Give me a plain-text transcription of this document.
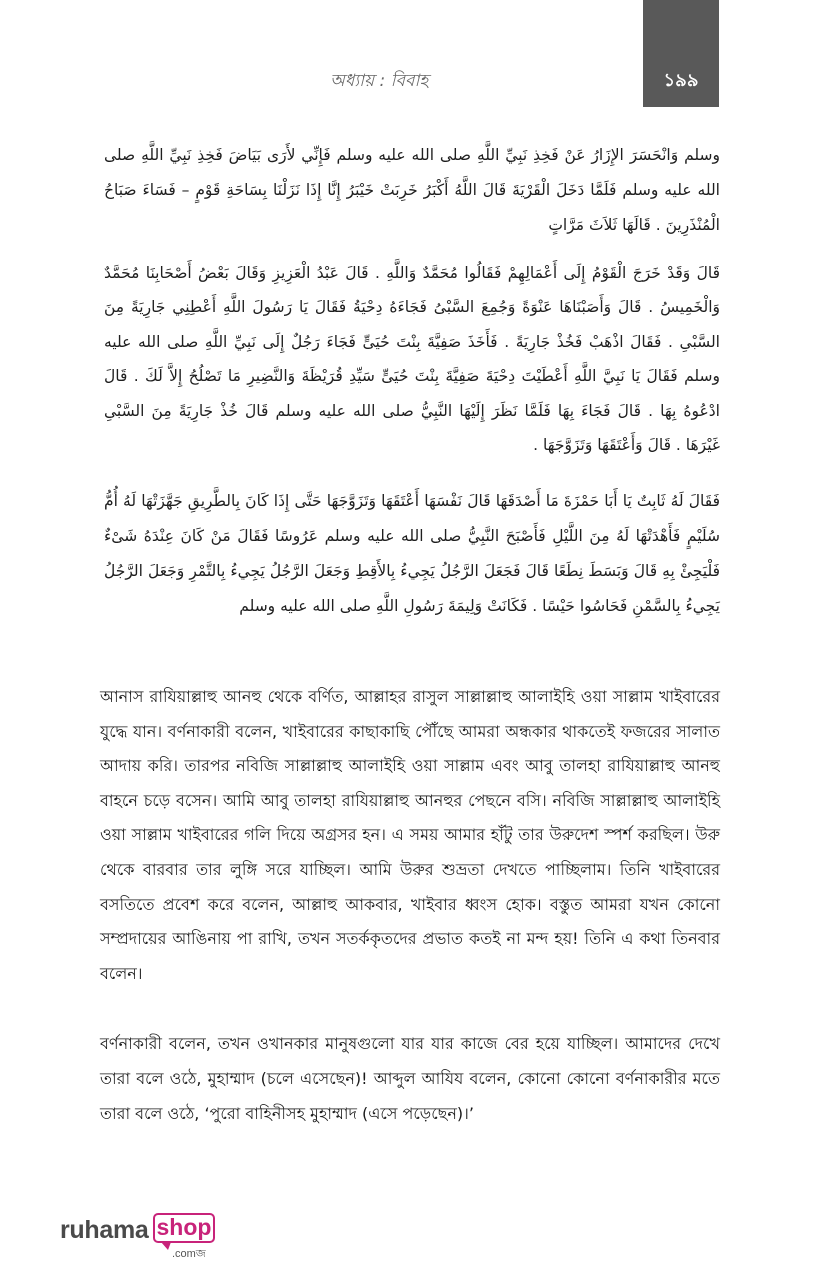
অধ্যায় : বিবাহ	১৯৯
وسلم وَانْحَسَرَ الإِزَارُ عَنْ فَخِذِ نَبِيِّ اللَّهِ صلى الله عليه وسلم فَإِنِّي لأَرَى بَيَاضَ فَخِذِ نَبِيِّ اللَّهِ صلى الله عليه وسلم فَلَمَّا دَخَلَ الْقَرْيَةَ قَالَ اللَّهُ أَكْبَرُ خَرِبَتْ خَيْبَرُ إِنَّا إِذَا نَزَلْنَا بِسَاحَةِ قَوْمٍ – فَسَاءَ صَبَاحُ الْمُنْذَرِينَ . قَالَهَا ثَلاَثَ مَرَّاتٍ
قَالَ وَقَدْ خَرَجَ الْقَوْمُ إِلَى أَعْمَالِهِمْ فَقَالُوا مُحَمَّدٌ وَاللَّهِ . قَالَ عَبْدُ الْعَزِيزِ وَقَالَ بَعْضُ أَصْحَابِنَا مُحَمَّدٌ وَالْخَمِيسُ . قَالَ وَأَصَبْنَاهَا عَنْوَةً وَجُمِعَ السَّبْىُ فَجَاءَهُ دِحْيَةُ فَقَالَ يَا رَسُولَ اللَّهِ أَعْطِنِي جَارِيَةً مِنَ السَّبْىِ . فَقَالَ اذْهَبْ فَخُذْ جَارِيَةً . فَأَخَذَ صَفِيَّةَ بِنْتَ حُيَىٍّ فَجَاءَ رَجُلٌ إِلَى نَبِيِّ اللَّهِ صلى الله عليه وسلم فَقَالَ يَا نَبِيَّ اللَّهِ أَعْطَيْتَ دِحْيَةَ صَفِيَّةَ بِنْتَ حُيَىٍّ سَيِّدِ قُرَيْظَةَ وَالنَّضِيرِ مَا تَصْلُحُ إِلاَّ لَكَ . قَالَ ادْعُوهُ بِهَا . قَالَ فَجَاءَ بِهَا فَلَمَّا نَظَرَ إِلَيْهَا النَّبِيُّ صلى الله عليه وسلم قَالَ خُذْ جَارِيَةً مِنَ السَّبْىِ غَيْرَهَا . قَالَ وَأَعْتَقَهَا وَتَزَوَّجَهَا .
فَقَالَ لَهُ ثَابِتٌ يَا أَبَا حَمْزَةَ مَا أَصْدَقَهَا قَالَ نَفْسَهَا أَعْتَقَهَا وَتَزَوَّجَهَا حَتَّى إِذَا كَانَ بِالطَّرِيقِ جَهَّزَتْهَا لَهُ أُمُّ سُلَيْمٍ فَأَهْدَتْهَا لَهُ مِنَ اللَّيْلِ فَأَصْبَحَ النَّبِيُّ صلى الله عليه وسلم عَرُوسًا فَقَالَ مَنْ كَانَ عِنْدَهُ شَىْءٌ فَلْيَجِئْ بِهِ قَالَ وَبَسَطَ نِطَعًا قَالَ فَجَعَلَ الرَّجُلُ يَجِيءُ بِالأَقِطِ وَجَعَلَ الرَّجُلُ يَجِيءُ بِالتَّمْرِ وَجَعَلَ الرَّجُلُ يَجِيءُ بِالسَّمْنِ فَحَاسُوا حَيْسًا . فَكَانَتْ وَلِيمَةَ رَسُولِ اللَّهِ صلى الله عليه وسلم
আনাস রাযিয়াল্লাহু আনহু থেকে বর্ণিত, আল্লাহর রাসুল সাল্লাল্লাহু আলাইহি ওয়া সাল্লাম খাইবারের যুদ্ধে যান। বর্ণনাকারী বলেন, খাইবারের কাছাকাছি পৌঁছে আমরা অন্ধকার থাকতেই ফজরের সালাত আদায় করি। তারপর নবিজি সাল্লাল্লাহু আলাইহি ওয়া সাল্লাম এবং আবু তালহা রাযিয়াল্লাহু আনহু বাহনে চড়ে বসেন। আমি আবু তালহা রাযিয়াল্লাহু আনহুর পেছনে বসি। নবিজি সাল্লাল্লাহু আলাইহি ওয়া সাল্লাম খাইবারের গলি দিয়ে অগ্রসর হন। এ সময় আমার হাঁটু তার উরুদেশ স্পর্শ করছিল। উরু থেকে বারবার তার লুঙ্গি সরে যাচ্ছিল। আমি উরুর শুভ্রতা দেখতে পাচ্ছিলাম। তিনি খাইবারের বসতিতে প্রবেশ করে বলেন, আল্লাহু আকবার, খাইবার ধ্বংস হোক। বস্তুত আমরা যখন কোনো সম্প্রদায়ের আঙিনায় পা রাখি, তখন সতর্ককৃতদের প্রভাত কতই না মন্দ হয়! তিনি এ কথা তিনবার বলেন।
বর্ণনাকারী বলেন, তখন ওখানকার মানুষগুলো যার যার কাজে বের হয়ে যাচ্ছিল। আমাদের দেখে তারা বলে ওঠে, মুহাম্মাদ (চলে এসেছেন)! আব্দুল আযিয বলেন, কোনো কোনো বর্ণনাকারীর মতে তারা বলে ওঠে, ‘পুরো বাহিনীসহ মুহাম্মাদ (এসে পড়েছেন)।’
ruhama shop
.comজ
